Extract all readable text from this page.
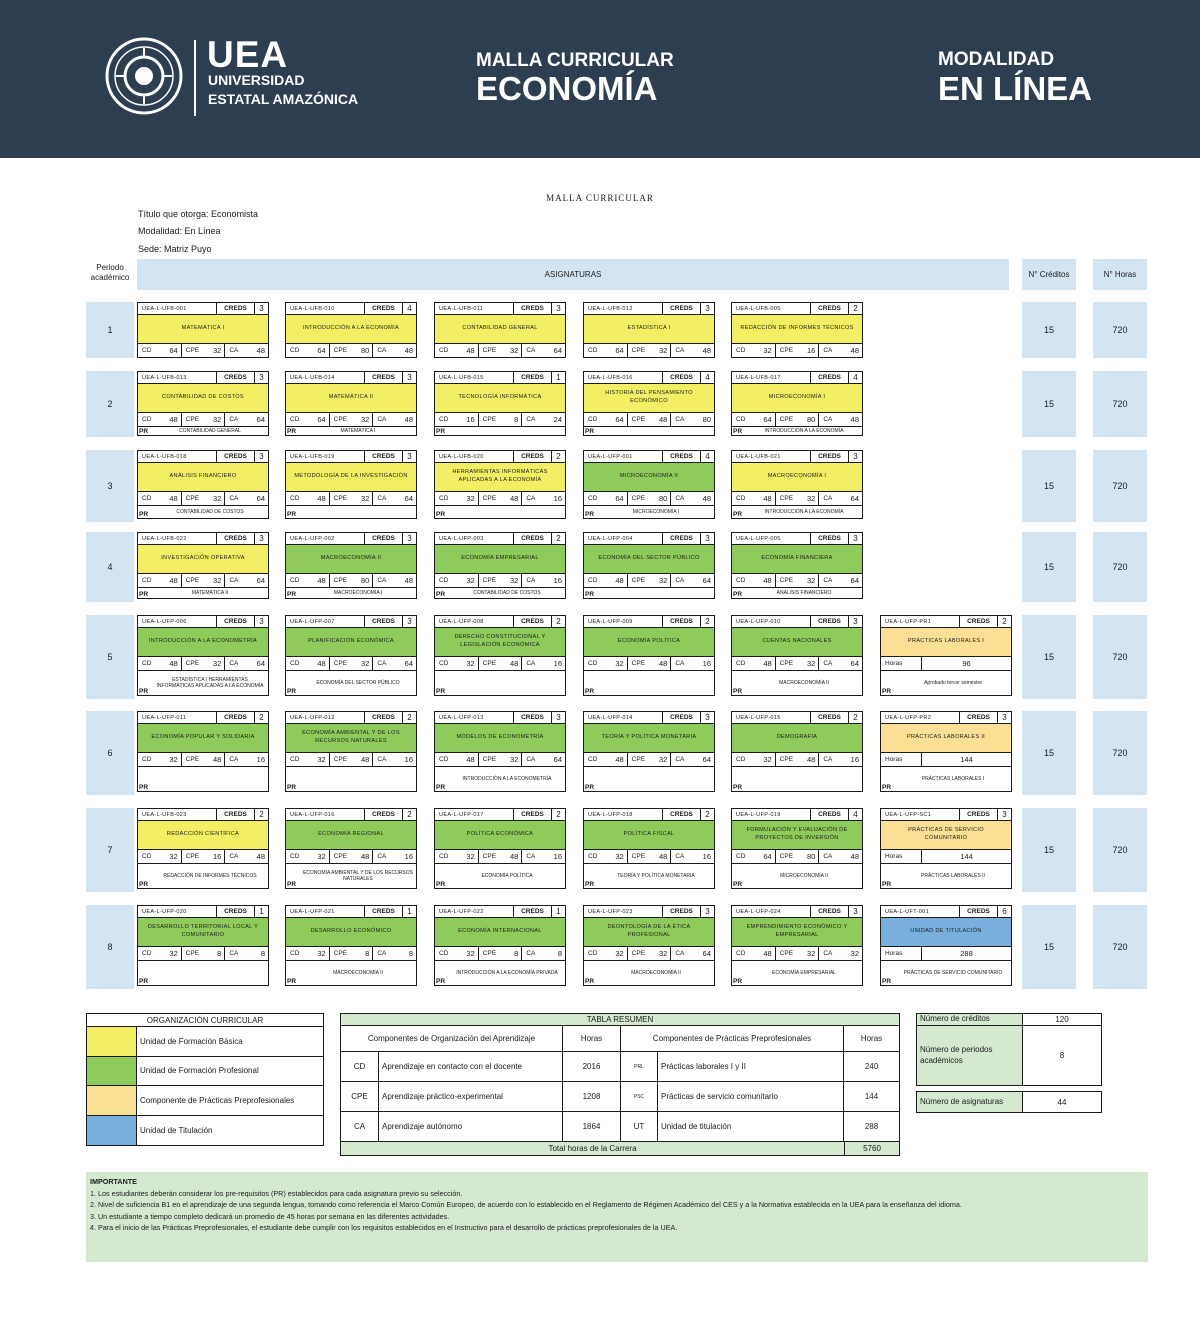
UEA
UNIVERSIDAD
ESTATAL AMAZÓNICA
MALLA CURRICULAR
ECONOMÍA
MODALIDAD
EN LÍNEA
MALLA CURRICULAR
Título que otorga: Economista
Modalidad: En Línea
Sede: Matriz Puyo
Periodo académico	ASIGNATURAS	N° Créditos	N° Horas
1	15	720
2	15	720
3	15	720
4	15	720
5	15	720
6	15	720
7	15	720
8	15	720
UEA-L-UFB-001	CREDS	3
MATEMÁTICA I
CD 64 CPE 32 CA 48
UEA-L-UFB-010	CREDS	4
INTRODUCCIÓN A LA ECONOMÍA
CD 64 CPE 80 CA 48
UEA-L-UFB-011	CREDS	3
CONTABILIDAD GENERAL
CD 48 CPE 32 CA 64
UEA-L-UFB-012	CREDS	3
ESTADÍSTICA I
CD 64 CPE 32 CA 48
UEA-L-UFB-005	CREDS	2
REDACCIÓN DE INFORMES TÉCNICOS
CD 32 CPE 16 CA 48
UEA-L-UFB-013	CREDS	3
CONTABILIDAD DE COSTOS
CD 48 CPE 32 CA 64
PR	CONTABILIDAD GENERAL
UEA-L-UFB-014	CREDS	3
MATEMÁTICA II
CD 64 CPE 32 CA 48
PR	MATEMÁTICA I
UEA-L-UFB-015	CREDS	1
TECNOLOGÍA INFORMÁTICA
CD 16 CPE 8 CA 24
PR
UEA-L-UFB-016	CREDS	4
HISTORIA DEL PENSAMIENTO ECONÓMICO
CD 64 CPE 48 CA 80
PR
UEA-L-UFB-017	CREDS	4
MICROECONOMÍA I
CD 64 CPE 80 CA 48
PR	INTRODUCCIÓN A LA ECONOMÍA
UEA-L-UFB-018	CREDS	3
ANÁLISIS FINANCIERO
CD 48 CPE 32 CA 64
PR	CONTABILIDAD DE COSTOS
UEA-L-UFB-019	CREDS	3
METODOLOGÍA DE LA INVESTIGACIÓN
CD 48 CPE 32 CA 64
PR
UEA-L-UFB-020	CREDS	2
HERRAMIENTAS INFORMÁTICAS APLICADAS A LA ECONOMÍA
CD 32 CPE 48 CA 16
PR
UEA-L-UFP-001	CREDS	4
MICROECONOMÍA II
CD 64 CPE 80 CA 48
PR	MICROECONOMÍA I
UEA-L-UFB-021	CREDS	3
MACROECONOMÍA I
CD 48 CPE 32 CA 64
PR	INTRODUCCIÓN A LA ECONOMÍA
UEA-L-UFB-022	CREDS	3
INVESTIGACIÓN OPERATIVA
CD 48 CPE 32 CA 64
PR	MATEMÁTICA II
UEA-L-UFP-002	CREDS	3
MACROECONOMÍA II
CD 48 CPE 80 CA 48
PR	MACROECONOMÍA I
UEA-L-UFP-003	CREDS	2
ECONOMÍA EMPRESARIAL
CD 32 CPE 32 CA 16
PR	CONTABILIDAD DE COSTOS
UEA-L-UFP-004	CREDS	3
ECONOMÍA DEL SECTOR PÚBLICO
CD 48 CPE 32 CA 64
PR
UEA-L-UFP-005	CREDS	3
ECONOMÍA FINANCIERA
CD 48 CPE 32 CA 64
PR	ANÁLISIS FINANCIERO
UEA-L-UFP-006	CREDS	3
INTRODUCCIÓN A LA ECONOMETRÍA
CD 48 CPE 32 CA 64
PR
ESTADÍSTICA I HERRAMIENTAS INFORMÁTICAS APLICADAS A LA ECONOMÍA
UEA-L-UFP-007	CREDS	3
PLANIFICACIÓN ECONÓMICA
CD 48 CPE 32 CA 64
PR
ECONOMÍA DEL SECTOR PÚBLICO
UEA-L-UFP-008	CREDS	2
DERECHO CONSTITUCIONAL Y LEGISLACIÓN ECONÓMICA
CD 32 CPE 48 CA 16
PR
UEA-L-UFP-009	CREDS	2
ECONOMÍA POLÍTICA
CD 32 CPE 48 CA 16
PR
UEA-L-UFP-010	CREDS	3
CUENTAS NACIONALES
CD 48 CPE 32 CA 64
PR
MACROECONOMÍA II
UEA-L-UFP-PR1	CREDS	2
PRÁCTICAS LABORALES I
Horas	96
PR
Aprobado tercer semestre
UEA-L-UFP-011	CREDS	2
ECONOMÍA POPULAR Y SOLIDARIA
CD 32 CPE 48 CA 16
PR
UEA-L-UFP-012	CREDS	2
ECONOMÍA AMBIENTAL Y DE LOS RECURSOS NATURALES
CD 32 CPE 48 CA 16
PR
UEA-L-UFP-013	CREDS	3
MODELOS DE ECONOMETRÍA
CD 48 CPE 32 CA 64
PR
INTRODUCCIÓN A LA ECONOMETRÍA
UEA-L-UFP-014	CREDS	3
TEORÍA Y POLÍTICA MONETARIA
CD 48 CPE 32 CA 64
PR
UEA-L-UFP-015	CREDS	2
DEMOGRAFÍA
CD 32 CPE 48 CA 16
PR
UEA-L-UFP-PR2	CREDS	3
PRÁCTICAS LABORALES II
Horas	144
PR
PRÁCTICAS LABORALES I
UEA-L-UFB-023	CREDS	2
REDACCIÓN CIENTÍFICA
CD 32 CPE 16 CA 48
PR
REDACCIÓN DE INFORMES TÉCNICOS
UEA-L-UFP-016	CREDS	2
ECONOMÍA REGIONAL
CD 32 CPE 48 CA 16
PR
ECONOMÍA AMBIENTAL Y DE LOS RECURSOS NATURALES
UEA-L-UFP-017	CREDS	2
POLÍTICA ECONÓMICA
CD 32 CPE 48 CA 16
PR
ECONOMÍA POLÍTICA
UEA-L-UFP-018	CREDS	2
POLÍTICA FISCAL
CD 32 CPE 48 CA 16
PR
TEORÍA Y POLÍTICA MONETARIA
UEA-L-UFP-019	CREDS	4
FORMULACIÓN Y EVALUACIÓN DE PROYECTOS DE INVERSIÓN
CD 64 CPE 80 CA 48
PR
MICROECONOMÍA II
UEA-L-UFP-SC1	CREDS	3
PRÁCTICAS DE SERVICIO COMUNITARIO
Horas	144
PR
PRÁCTICAS LABORALES II
UEA-L-UFP-020	CREDS	1
DESARROLLO TERRITORIAL LOCAL Y COMUNITARIO
CD 32 CPE 8 CA	8
PR
UEA-L-UFP-021	CREDS	1
DESARROLLO ECONÓMICO
CD 32 CPE 8 CA	8
PR
MACROECONOMÍA II
UEA-L-UFP-022	CREDS	1
ECONOMÍA INTERNACIONAL
CD 32 CPE 8 CA	8
PR
INTRODUCCIÓN A LA ECONOMÍA PRIVADA
UEA-L-UFP-023	CREDS	3
DEONTOLOGÍA DE LA ÉTICA PROFESIONAL
CD 32 CPE 32 CA 64
PR
MACROECONOMÍA II
UEA-L-UFP-024	CREDS	3
EMPRENDIMIENTO ECONÓMICO Y EMPRESARIAL
CD 48 CPE 32 CA 32
PR
ECONOMÍA EMPRESARIAL
UEA-L-UFT-001	CREDS	6
UNIDAD DE TITULACIÓN
Horas	288
PR
PRÁCTICAS DE SERVICIO COMUNITARIO
ORGANIZACIÓN CURRICULAR
Unidad de Formación Básica
Unidad de Formación Profesional
Componente de Prácticas Preprofesionales
Unidad de Titulación
TABLA RESUMEN
Componentes de Organización del Aprendizaje	Horas	Componentes de Prácticas Preprofesionales	Horas
CD	Aprendizaje en contacto con el docente	2016	PRL	Prácticas laborales I y II	240
CPE	Aprendizaje práctico-experimental	1208	PSC	Prácticas de servicio comunitario	144
CA	Aprendizaje autónomo	1864	UT	Unidad de titulación	288
Total horas de la Carrera	5760
Número de créditos	120
Número de periodos académicos	8
Número de asignaturas	44
IMPORTANTE
1. Los estudiantes deberán considerar los pre-requisitos (PR) establecidos para cada asignatura previo su selección.
2. Nivel de suficiencia B1 en el aprendizaje de una segunda lengua, tomando como referencia el Marco Común Europeo, de acuerdo con lo establecido en el Reglamento de Régimen Académico del CES y a la Normativa establecida en la UEA para la enseñanza del idioma.
3. Un estudiante a tiempo completo dedicará un promedio de 45 horas por semana en las diferentes actividades.
4. Para el inicio de las Prácticas Preprofesionales, el estudiante debe cumplir con los requisitos establecidos en el Instructivo para el desarrollo de prácticas preprofesionales de la UEA.
